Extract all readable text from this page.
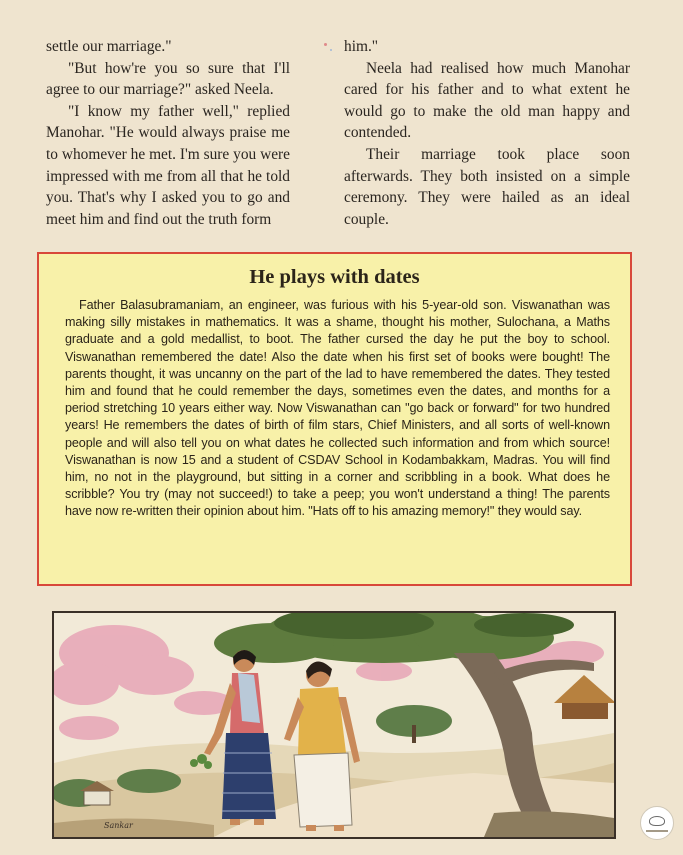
settle our marriage."

"But how're you so sure that I'll agree to our marriage?" asked Neela.

"I know my father well," replied Manohar. "He would always praise me to whomever he met. I'm sure you were impressed with me from all that he told you. That's why I asked you to go and meet him and find out the truth form

him."

Neela had realised how much Manohar cared for his father and to what extent he would go to make the old man happy and contended.

Their marriage took place soon afterwards. They both insisted on a simple ceremony. They were hailed as an ideal couple.

He plays with dates
Father Balasubramaniam, an engineer, was furious with his 5-year-old son. Viswanathan was making silly mistakes in mathematics. It was a shame, thought his mother, Sulochana, a Maths graduate and a gold medallist, to boot. The father cursed the day he put the boy to school. Viswanathan remembered the date! Also the date when his first set of books were bought! The parents thought, it was uncanny on the part of the lad to have remembered the dates. They tested him and found that he could remember the days, sometimes even the dates, and months for a period stretching 10 years either way. Now Viswanathan can "go back or forward" for two hundred years! He remembers the dates of birth of film stars, Chief Ministers, and all sorts of well-known people and will also tell you on what dates he collected such information and from which source! Viswanathan is now 15 and a student of CSDAV School in Kodambakkam, Madras. You will find him, no not in the playground, but sitting in a corner and scribbling in a book. What does he scribble? You try (may not succeed!) to take a peep; you won't understand a thing! The parents have now re-written their opinion about him. "Hats off to his amazing memory!" they would say.
Sankar
